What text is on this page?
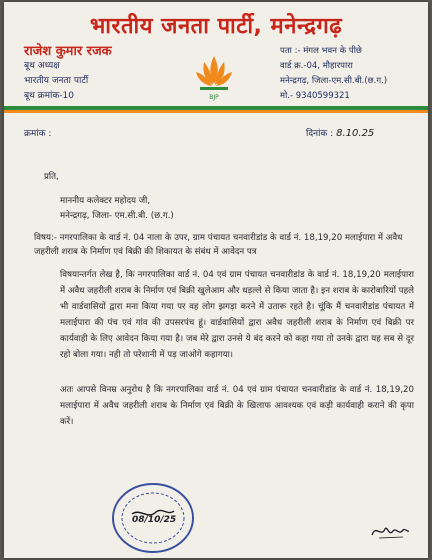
भारतीय जनता पार्टी, मनेन्द्रगढ़
राजेश कुमार रजक
बूथ अध्यक्ष
भारतीय जनता पार्टी
बूथ क्रमांक-10	BJP
पता :- मंगल भवन के पीछे
वार्ड क्र.-04, मौहारपारा
मनेन्द्रगढ़, जिला-एम.सी.बी.(छ.ग.)
मो.- 9340599321
क्रमांक :	दिनांक : 8.10.25
प्रति,
माननीय कलेक्टर महोदय जी,
मनेन्द्रगढ़, जिला- एम.सी.बी. (छ.ग.)
विषय:- नगरपालिका के वार्ड नं. 04 नाला के उपर, ग्राम पंचायत चनवारीडांड के वार्ड नं. 18,19,20 मलाईपारा में अवैध जहरीली शराब के निर्माण एवं बिक्री की शिकायत के संबंध में आवेदन पत्र
विषयान्तर्गत लेख है, कि नगरपालिका वार्ड नं. 04 एवं ग्राम पंचायत चनवारीडांड के वार्ड नं. 18,19,20 मलाईपारा में अवैध जहरीली शराब के निर्माण एवं बिक्री खुलेआम और धड़ल्ले से किया जाता है। इन शराब के कारोबारियों पहले भी वार्डवासियों द्वारा मना किया गया पर वह लोग झगड़ा करने में उतारू रहते है। चूंकि मैं चनवारीडांड पंचायत में मलाईपारा की पंच एवं गांव की उपसरपंच हूं। वार्डवासियों द्वारा अवैध जहरीली शराब के निर्माण एवं बिक्री पर कार्यवाही के लिए आवेदन किया गया है। जब मेरे द्वारा उनसे ये बंद करने को कहा गया तो उनके द्वारा यह सब से दूर रहो बोला गया। नही तो परेशानी में पड़ जाओगे कहागया।
अतः आपसे विनम्र अनुरोध है कि नगरपालिका वार्ड नं. 04 एवं ग्राम पंचायत चनवारीडांड के वार्ड नं. 18,19,20 मलाईपारा में अवैध जहरीली शराब के निर्माण एवं बिक्री के खिलाफ आवश्यक एवं कड़ी कार्यवाही कराने की कृपा करें।
08/10/25
